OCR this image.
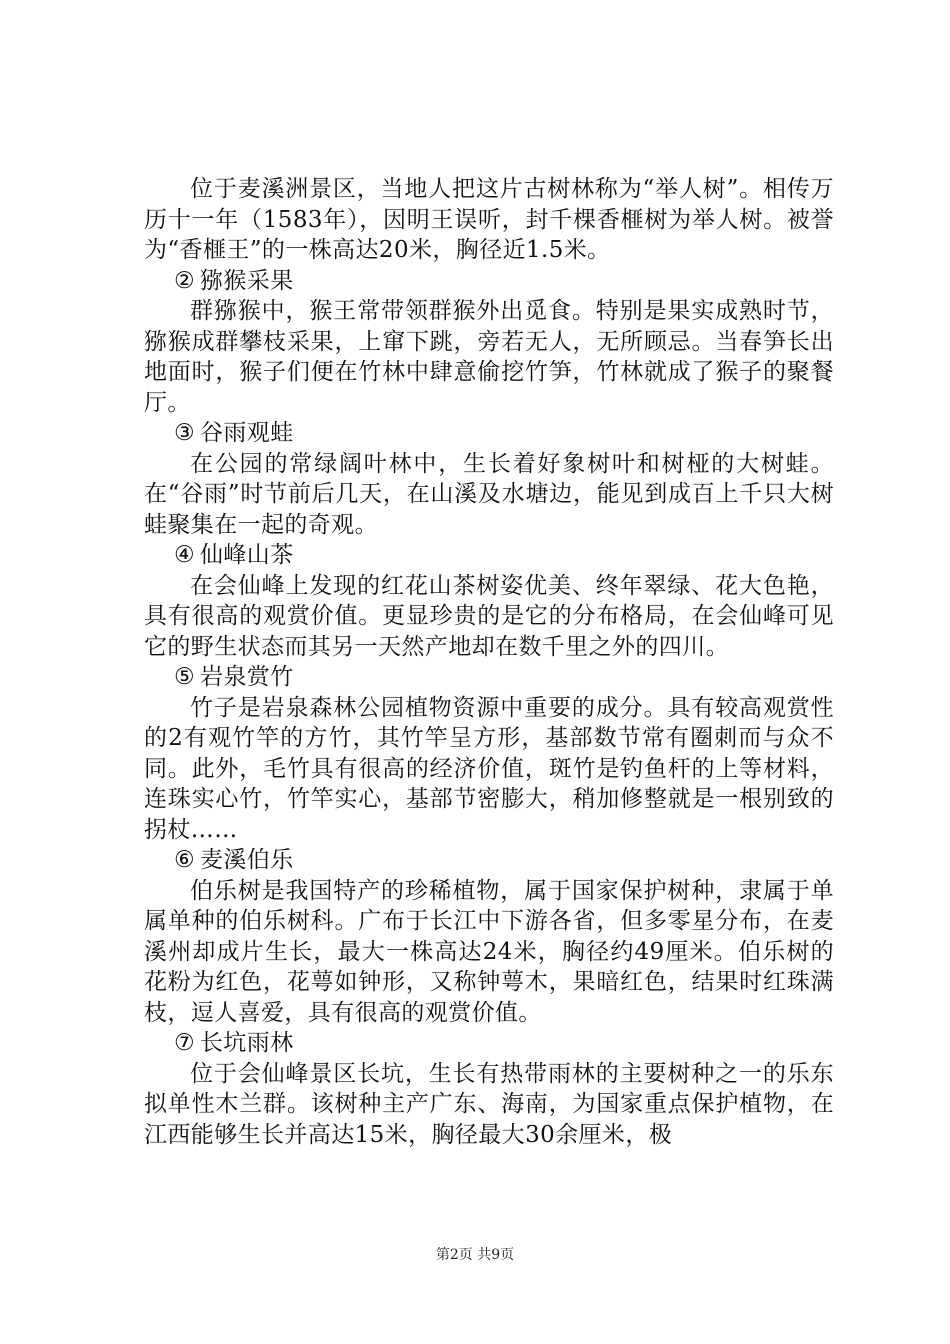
位于麦溪洲景区，当地人把这片古树林称为“举人树”。相传万历十一年（1583年），因明王误听，封千棵香榧树为举人树。被誉为“香榧王”的一株高达20米，胸径近1.5米。

② 猕猴采果

群猕猴中，猴王常带领群猴外出觅食。特别是果实成熟时节，猕猴成群攀枝采果，上窜下跳，旁若无人，无所顾忌。当春笋长出地面时，猴子们便在竹林中肆意偷挖竹笋，竹林就成了猴子的聚餐厅。

③ 谷雨观蛙

在公园的常绿阔叶林中，生长着好象树叶和树桠的大树蛙。在“谷雨”时节前后几天，在山溪及水塘边，能见到成百上千只大树蛙聚集在一起的奇观。

④ 仙峰山茶

在会仙峰上发现的红花山茶树姿优美、终年翠绿、花大色艳，具有很高的观赏价值。更显珍贵的是它的分布格局，在会仙峰可见它的野生状态而其另一天然产地却在数千里之外的四川。

⑤ 岩泉赏竹

竹子是岩泉森林公园植物资源中重要的成分。具有较高观赏性的2有观竹竿的方竹，其竹竿呈方形，基部数节常有圈刺而与众不同。此外，毛竹具有很高的经济价值，斑竹是钓鱼杆的上等材料，连珠实心竹，竹竿实心，基部节密膨大，稍加修整就是一根别致的拐杖……

⑥ 麦溪伯乐

伯乐树是我国特产的珍稀植物，属于国家保护树种，隶属于单属单种的伯乐树科。广布于长江中下游各省，但多零星分布，在麦溪州却成片生长，最大一株高达24米，胸径约49厘米。伯乐树的花粉为红色，花萼如钟形，又称钟萼木，果暗红色，结果时红珠满枝，逗人喜爱，具有很高的观赏价值。

⑦ 长坑雨林

位于会仙峰景区长坑，生长有热带雨林的主要树种之一的乐东拟单性木兰群。该树种主产广东、海南，为国家重点保护植物，在江西能够生长并高达15米，胸径最大30余厘米，极

第2页 共9页
